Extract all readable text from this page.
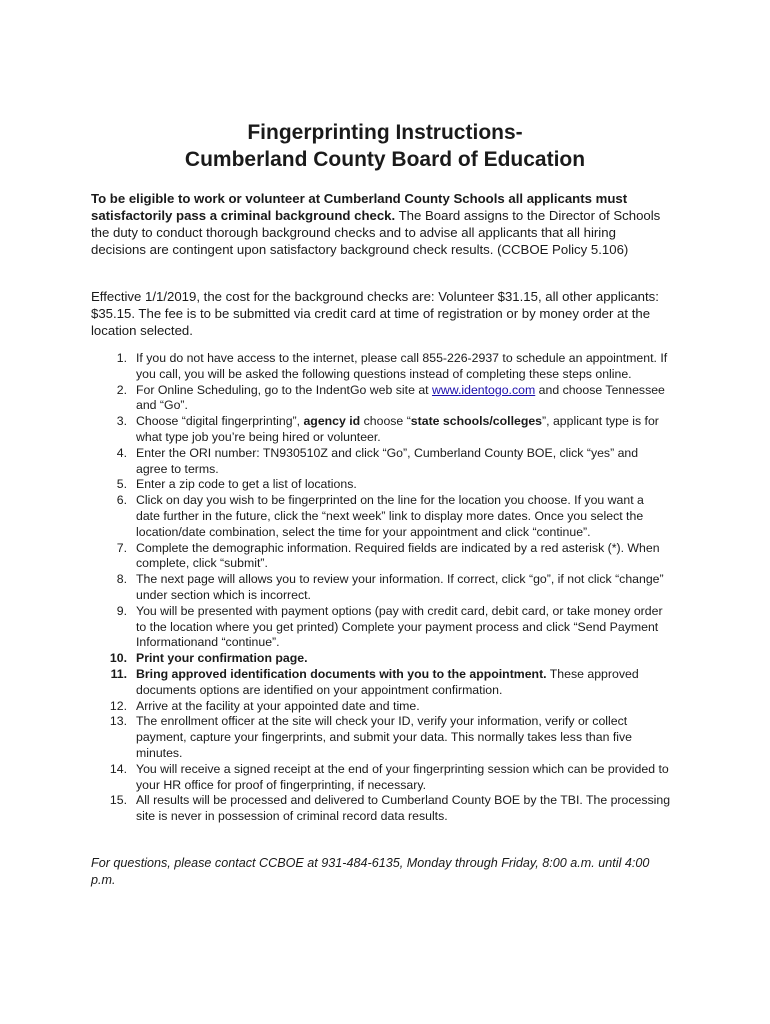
Fingerprinting Instructions-
Cumberland County Board of Education

To be eligible to work or volunteer at Cumberland County Schools all applicants must satisfactorily pass a criminal background check. The Board assigns to the Director of Schools the duty to conduct thorough background checks and to advise all applicants that all hiring decisions are contingent upon satisfactory background check results. (CCBOE Policy 5.106)

Effective 1/1/2019, the cost for the background checks are: Volunteer $31.15, all other applicants: $35.15. The fee is to be submitted via credit card at time of registration or by money order at the location selected.

1. If you do not have access to the internet, please call 855-226-2937 to schedule an appointment. If you call, you will be asked the following questions instead of completing these steps online.
2. For Online Scheduling, go to the IndentGo web site at www.identogo.com and choose Tennessee and “Go”.
3. Choose “digital fingerprinting”, agency id choose “state schools/colleges”, applicant type is for what type job you’re being hired or volunteer.
4. Enter the ORI number: TN930510Z and click “Go”, Cumberland County BOE, click “yes” and agree to terms.
5. Enter a zip code to get a list of locations.
6. Click on day you wish to be fingerprinted on the line for the location you choose. If you want a date further in the future, click the “next week” link to display more dates. Once you select the location/date combination, select the time for your appointment and click “continue”.
7. Complete the demographic information. Required fields are indicated by a red asterisk (*). When complete, click “submit”.
8. The next page will allows you to review your information. If correct, click “go”, if not click “change” under section which is incorrect.
9. You will be presented with payment options (pay with credit card, debit card, or take money order to the location where you get printed) Complete your payment process and click “Send Payment Informationand “continue”.
10. Print your confirmation page.
11. Bring approved identification documents with you to the appointment. These approved documents options are identified on your appointment confirmation.
12. Arrive at the facility at your appointed date and time.
13. The enrollment officer at the site will check your ID, verify your information, verify or collect payment, capture your fingerprints, and submit your data. This normally takes less than five minutes.
14. You will receive a signed receipt at the end of your fingerprinting session which can be provided to your HR office for proof of fingerprinting, if necessary.
15. All results will be processed and delivered to Cumberland County BOE by the TBI. The processing site is never in possession of criminal record data results.

For questions, please contact CCBOE at 931-484-6135, Monday through Friday, 8:00 a.m. until 4:00 p.m.
